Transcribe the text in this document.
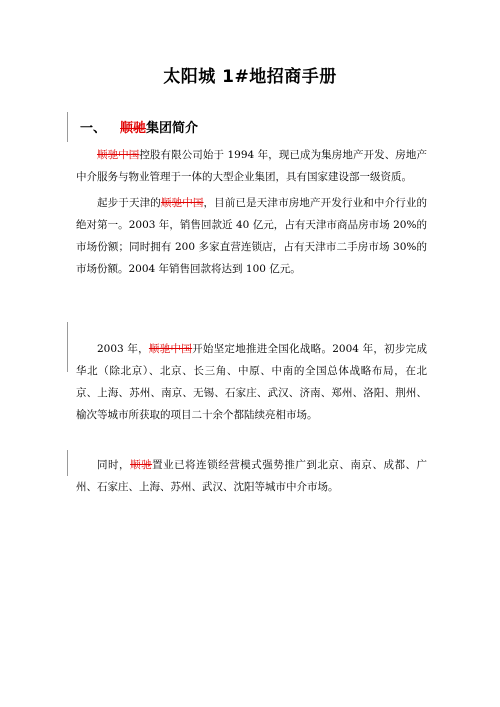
太阳城 1#地招商手册
一、 顺驰集团简介

顺驰中国控股有限公司始于 1994 年，现已成为集房地产开发、房地产中介服务与物业管理于一体的大型企业集团，具有国家建设部一级资质。

起步于天津的顺驰中国，目前已是天津市房地产开发行业和中介行业的绝对第一。2003 年，销售回款近 40 亿元，占有天津市商品房市场 20%的市场份额；同时拥有 200 多家直营连锁店，占有天津市二手房市场 30%的市场份额。2004 年销售回款将达到 100 亿元。

2003 年，顺驰中国开始坚定地推进全国化战略。2004 年，初步完成华北（除北京）、北京、长三角、中原、中南的全国总体战略布局，在北京、上海、苏州、南京、无锡、石家庄、武汉、济南、郑州、洛阳、荆州、榆次等城市所获取的项目二十余个都陆续亮相市场。

同时，顺驰置业已将连锁经营模式强势推广到北京、南京、成都、广州、石家庄、上海、苏州、武汉、沈阳等城市中介市场。
